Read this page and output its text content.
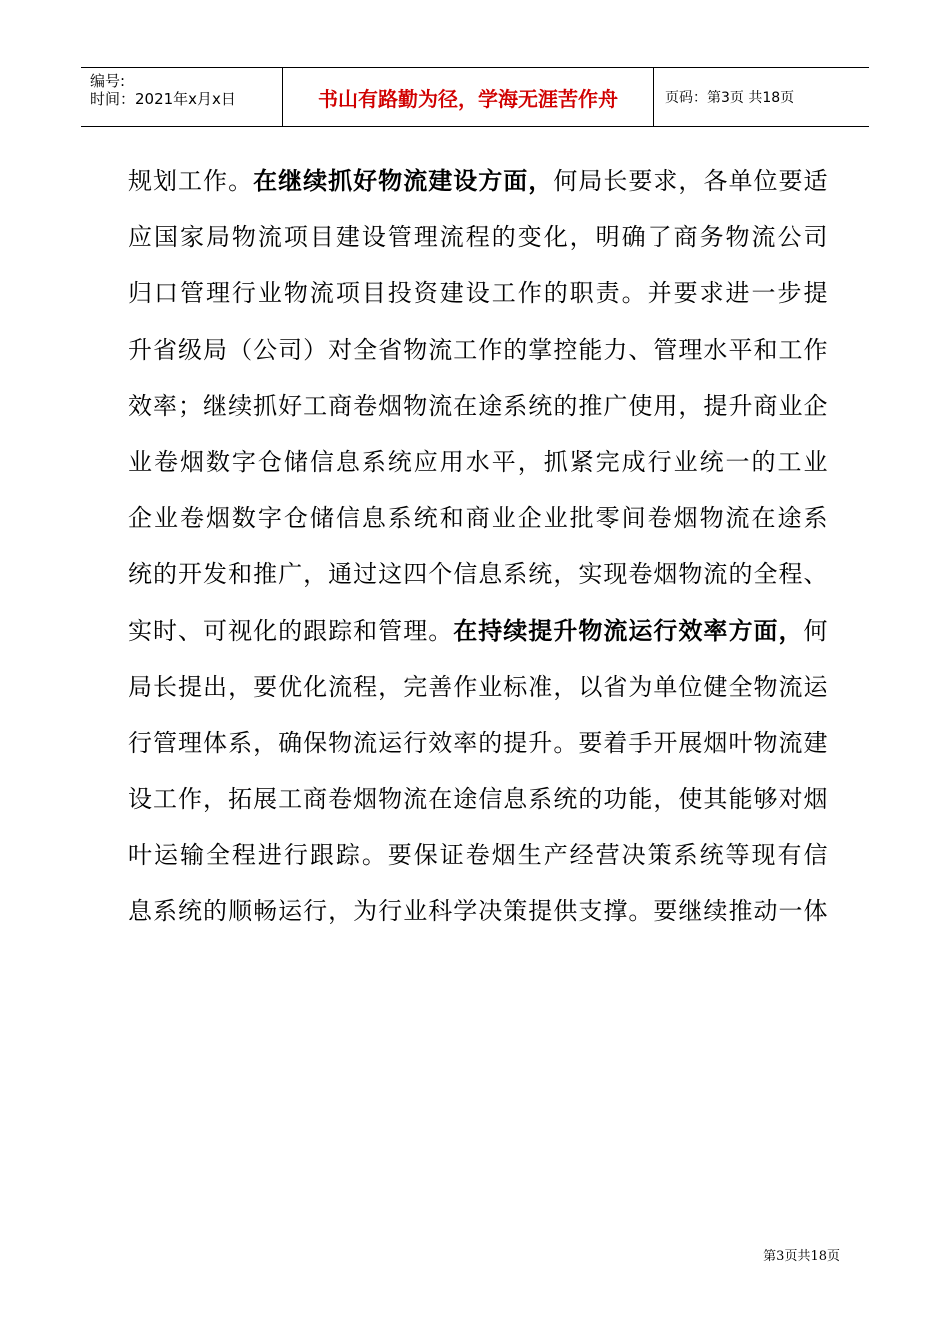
编号:
时间：2021年x月x日	书山有路勤为径，学海无涯苦作舟	页码：第3页 共18页
规划工作。在继续抓好物流建设方面，何局长要求，各单位要适
应国家局物流项目建设管理流程的变化，明确了商务物流公司
归口管理行业物流项目投资建设工作的职责。并要求进一步提
升省级局（公司）对全省物流工作的掌控能力、管理水平和工作
效率；继续抓好工商卷烟物流在途系统的推广使用，提升商业企
业卷烟数字仓储信息系统应用水平，抓紧完成行业统一的工业
企业卷烟数字仓储信息系统和商业企业批零间卷烟物流在途系
统的开发和推广，通过这四个信息系统，实现卷烟物流的全程、
实时、可视化的跟踪和管理。在持续提升物流运行效率方面，何
局长提出，要优化流程，完善作业标准，以省为单位健全物流运
行管理体系，确保物流运行效率的提升。要着手开展烟叶物流建
设工作，拓展工商卷烟物流在途信息系统的功能，使其能够对烟
叶运输全程进行跟踪。要保证卷烟生产经营决策系统等现有信
息系统的顺畅运行，为行业科学决策提供支撑。要继续推动一体
第3页共18页
